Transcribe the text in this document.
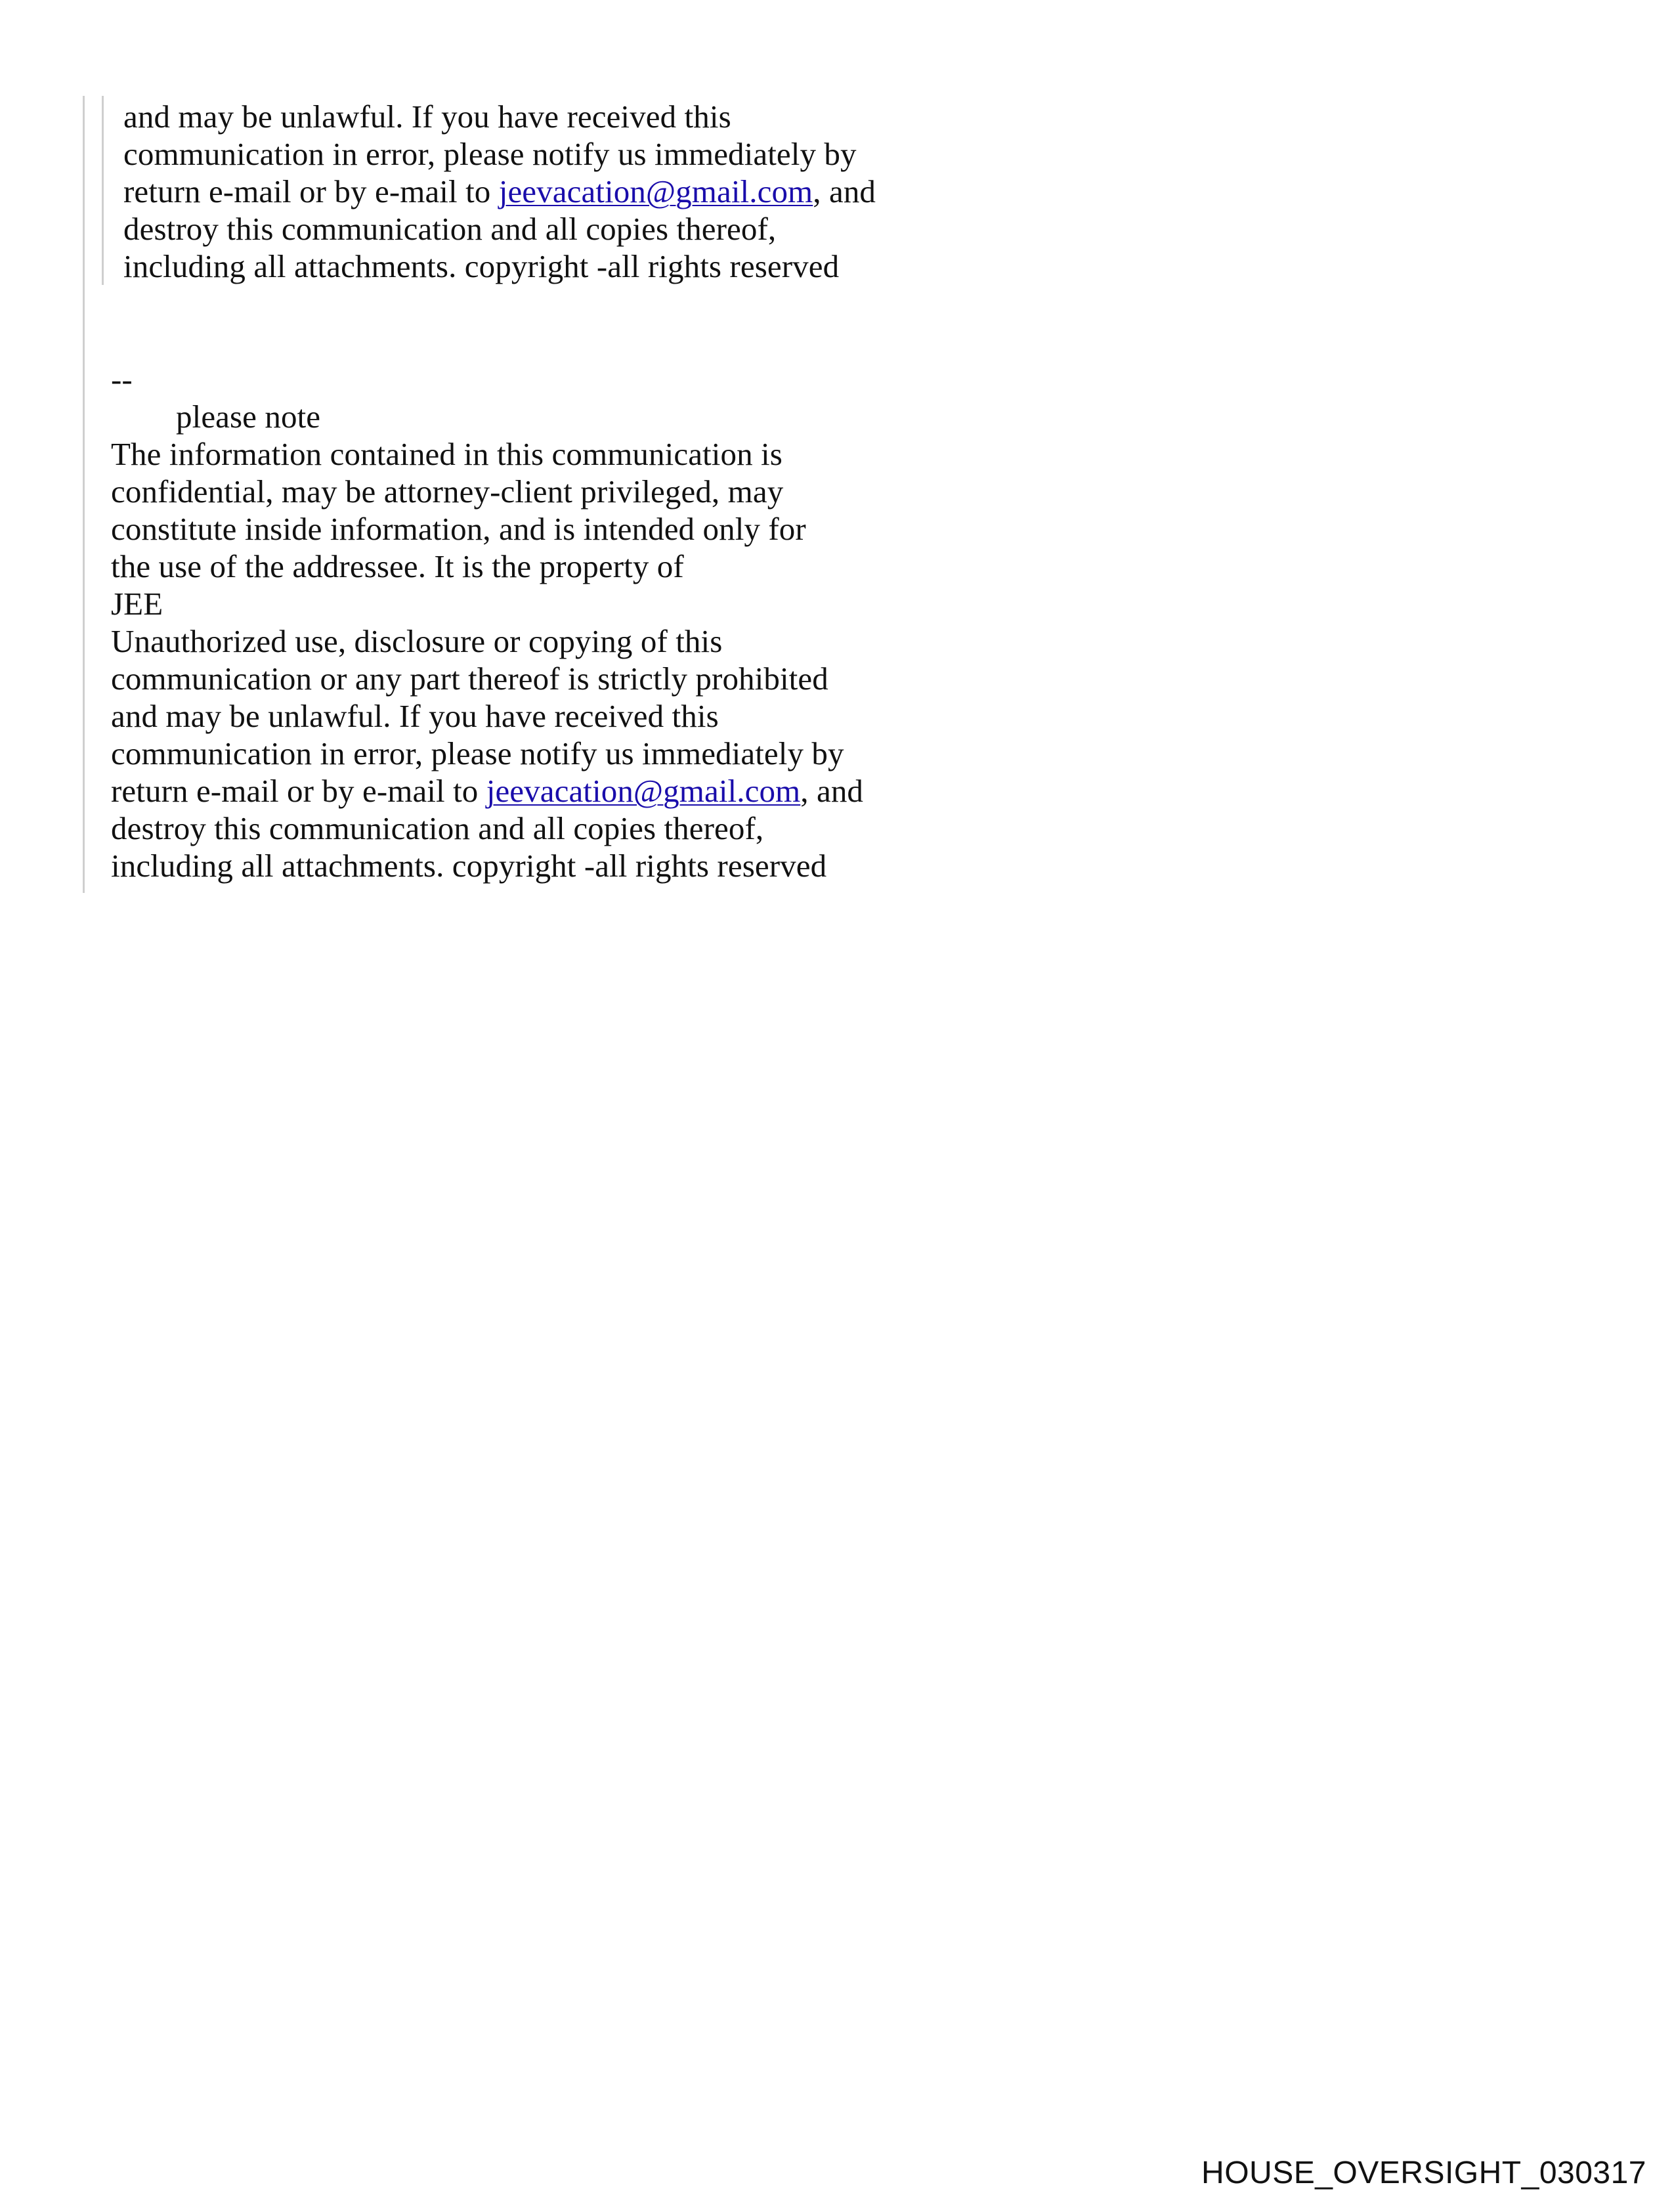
and may be unlawful. If you have received this

communication in error, please notify us immediately by

return e-mail or by e-mail to jeevacation@gmail.com, and

destroy this communication and all copies thereof,

including all attachments. copyright -all rights reserved

--

please note

The information contained in this communication is

confidential, may be attorney-client privileged, may

constitute inside information, and is intended only for

the use of the addressee. It is the property of

JEE

Unauthorized use, disclosure or copying of this

communication or any part thereof is strictly prohibited

and may be unlawful. If you have received this

communication in error, please notify us immediately by

return e-mail or by e-mail to jeevacation@gmail.com, and

destroy this communication and all copies thereof,

including all attachments. copyright -all rights reserved

HOUSE_OVERSIGHT_030317
